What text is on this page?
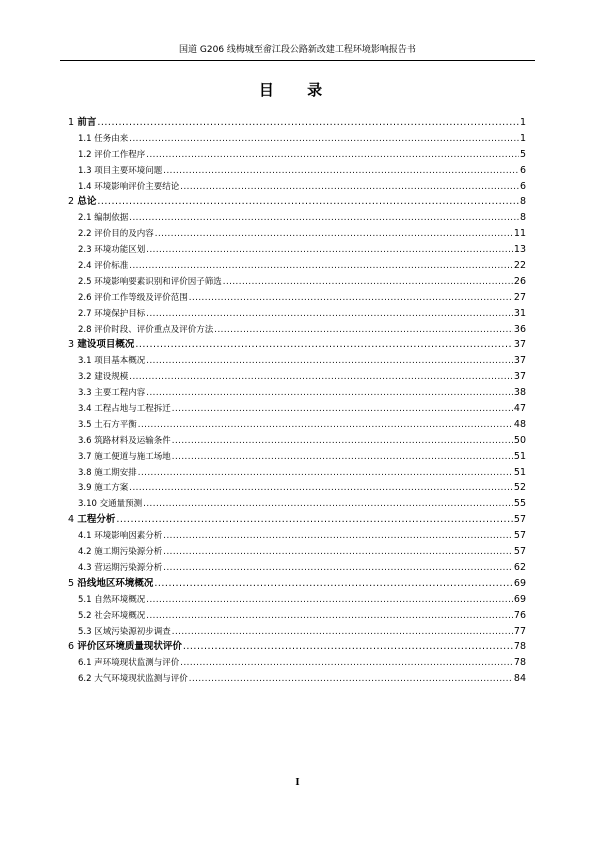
国道 G206 线梅城至畲江段公路新改建工程环境影响报告书
目 录
1 前言 .....	1
1.1 任务由来 .....	1
1.2 评价工作程序 .....	5
1.3 项目主要环境问题 .....	6
1.4 环境影响评价主要结论 .....	6
2 总论 .....	8
2.1 编制依据 .....	8
2.2 评价目的及内容 .....	11
2.3 环境功能区划 .....	13
2.4 评价标准 .....	22
2.5 环境影响要素识别和评价因子筛选 .....	26
2.6 评价工作等级及评价范围 .....	27
2.7 环境保护目标 .....	31
2.8 评价时段、评价重点及评价方法 .....	36
3 建设项目概况 .....	37
3.1 项目基本概况 .....	37
3.2 建设规模 .....	37
3.3 主要工程内容 .....	38
3.4 工程占地与工程拆迁 .....	47
3.5 土石方平衡 .....	48
3.6 筑路材料及运输条件 .....	50
3.7 施工便道与施工场地 .....	51
3.8 施工期安排 .....	51
3.9 施工方案 .....	52
3.10 交通量预测 .....	55
4 工程分析 .....	57
4.1 环境影响因素分析 .....	57
4.2 施工期污染源分析 .....	57
4.3 营运期污染源分析 .....	62
5 沿线地区环境概况 .....	69
5.1 自然环境概况 .....	69
5.2 社会环境概况 .....	76
5.3 区域污染源初步调查 .....	77
6 评价区环境质量现状评价 .....	78
6.1 声环境现状监测与评价 .....	78
6.2 大气环境现状监测与评价 .....	84
I
